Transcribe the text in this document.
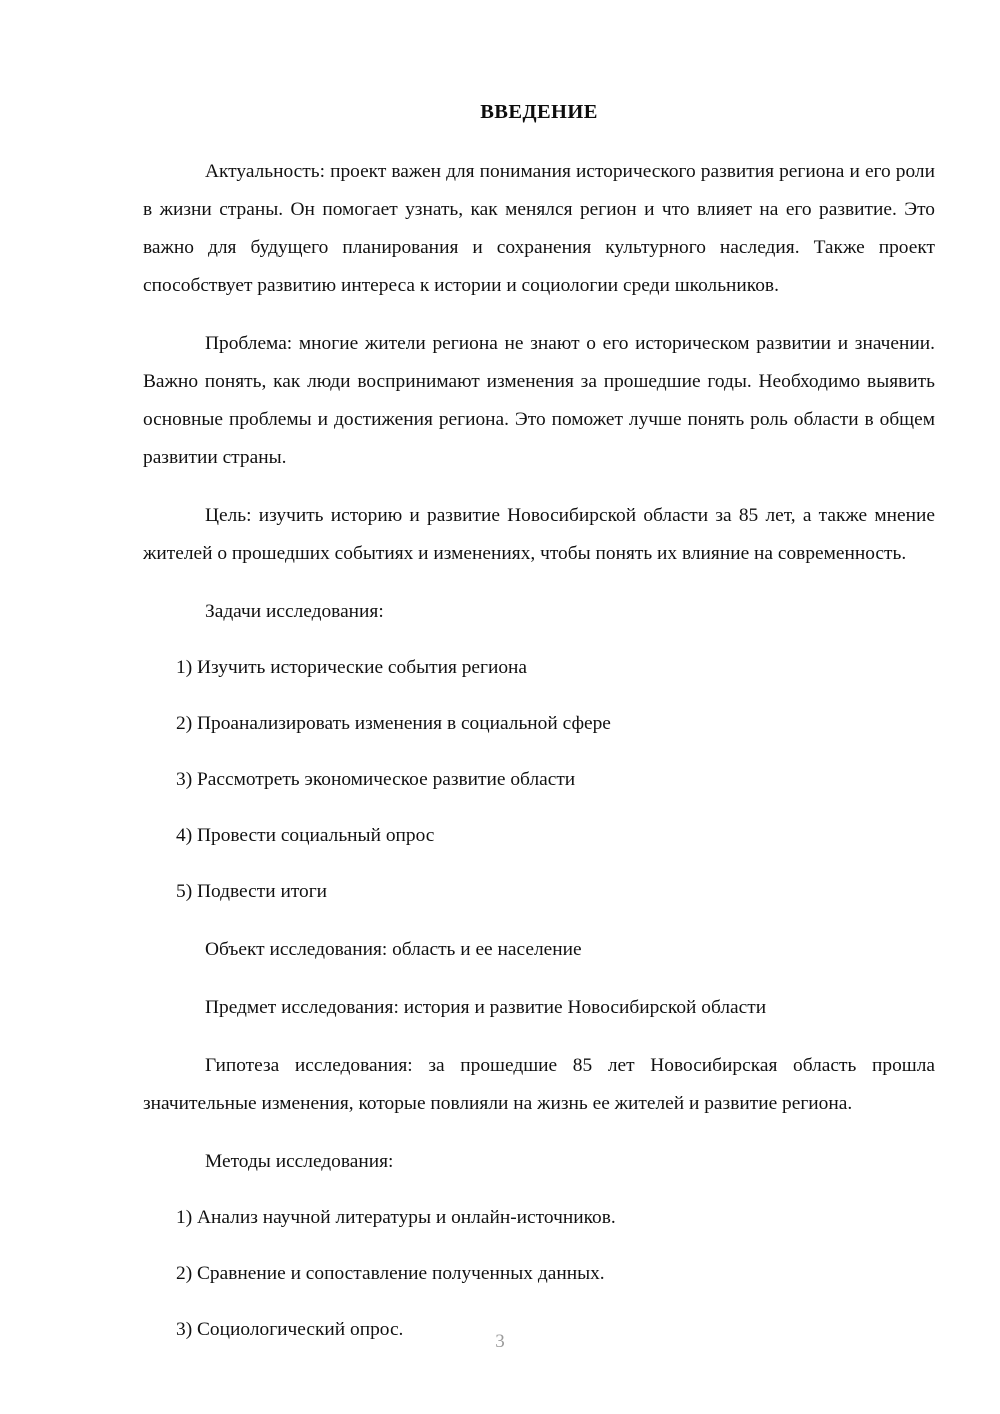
ВВЕДЕНИЕ

Актуальность: проект важен для понимания исторического развития региона и его роли в жизни страны. Он помогает узнать, как менялся регион и что влияет на его развитие. Это важно для будущего планирования и сохранения культурного наследия. Также проект способствует развитию интереса к истории и социологии среди школьников.

Проблема: многие жители региона не знают о его историческом развитии и значении. Важно понять, как люди воспринимают изменения за прошедшие годы. Необходимо выявить основные проблемы и достижения региона. Это поможет лучше понять роль области в общем развитии страны.

Цель: изучить историю и развитие Новосибирской области за 85 лет, а также мнение жителей о прошедших событиях и изменениях, чтобы понять их влияние на современность.

Задачи исследования:

1) Изучить исторические события региона
2) Проанализировать изменения в социальной сфере
3) Рассмотреть экономическое развитие области
4) Провести социальный опрос
5) Подвести итоги

Объект исследования: область и ее население

Предмет исследования: история и развитие Новосибирской области

Гипотеза исследования: за прошедшие 85 лет Новосибирская область прошла значительные изменения, которые повлияли на жизнь ее жителей и развитие региона.

Методы исследования:

1) Анализ научной литературы и онлайн-источников.
2) Сравнение и сопоставление полученных данных.
3) Социологический опрос.
3
